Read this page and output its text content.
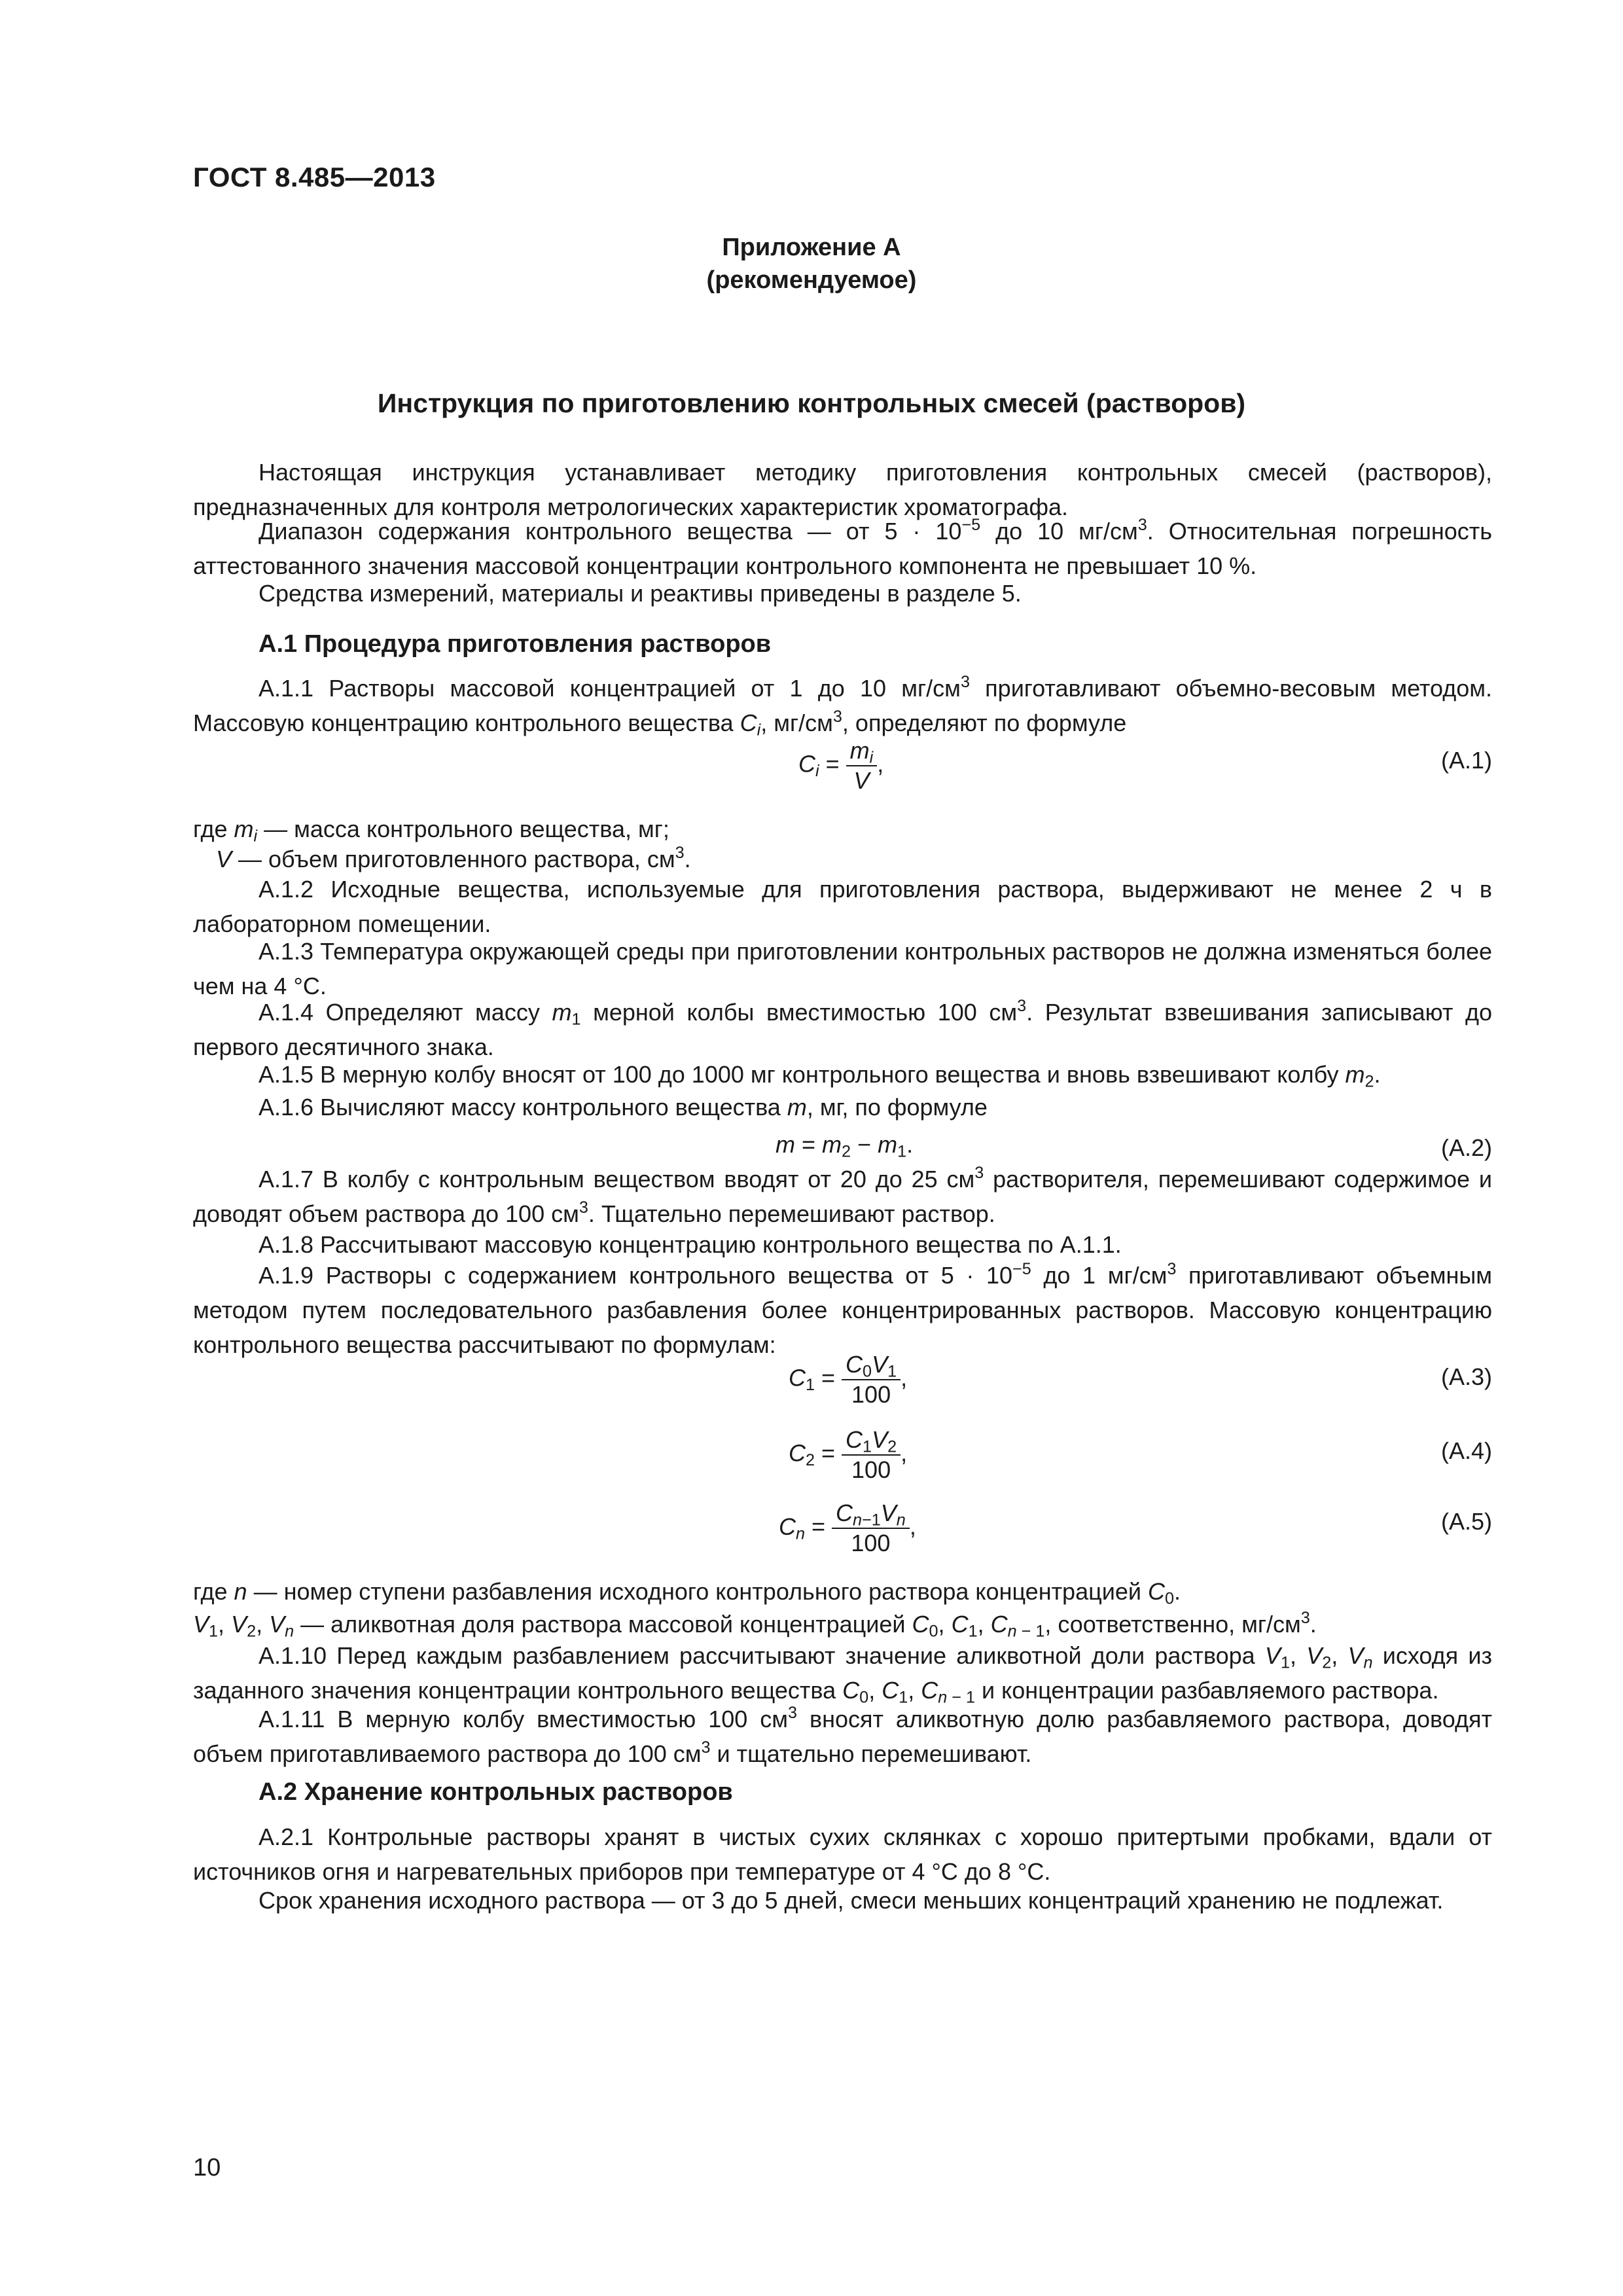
ГОСТ 8.485—2013
Приложение А
(рекомендуемое)
Инструкция по приготовлению контрольных смесей (растворов)
Настоящая инструкция устанавливает методику приготовления контрольных смесей (растворов), предназначенных для контроля метрологических характеристик хроматографа.
Диапазон содержания контрольного вещества — от $5 \cdot 10^{-5}$ до 10 $мг/см^3$. Относительная погрешность аттестованного значения массовой концентрации контрольного компонента не превышает 10 %.
Средства измерений, материалы и реактивы приведены в разделе 5.
А.1 Процедура приготовления растворов
А.1.1 Растворы массовой концентрацией от 1 до 10 $мг/см^3$ приготавливают объемно-весовым методом. Массовую концентрацию контрольного вещества $C_i$, $мг/см^3$, определяют по формуле
$C_i = \frac{m_i}{V}$ ,	(А.1)
где $m_i$ — масса контрольного вещества, мг;
V — объем приготовленного раствора, $см^3$.
А.1.2 Исходные вещества, используемые для приготовления раствора, выдерживают не менее 2 ч в лабораторном помещении.
А.1.3 Температура окружающей среды при приготовлении контрольных растворов не должна изменяться более чем на 4 °С.
А.1.4 Определяют массу $m_1$ мерной колбы вместимостью 100 $см^3$. Результат взвешивания записывают до первого десятичного знака.
А.1.5 В мерную колбу вносят от 100 до 1000 мг контрольного вещества и вновь взвешивают колбу $m_2$.
А.1.6 Вычисляют массу контрольного вещества m, мг, по формуле
$m = m_2 - m_1$.	(А.2)
А.1.7 В колбу с контрольным веществом вводят от 20 до 25 $см^3$ растворителя, перемешивают содержимое и доводят объем раствора до 100 $см^3$. Тщательно перемешивают раствор.
А.1.8 Рассчитывают массовую концентрацию контрольного вещества по А.1.1.
А.1.9 Растворы с содержанием контрольного вещества от $5 \cdot 10^{-5}$ до 1 $мг/см^3$ приготавливают объемным методом путем последовательного разбавления более концентрированных растворов. Массовую концентрацию контрольного вещества рассчитывают по формулам:
$C_1 = \frac{C_0V_1}{100}$ ,	(А.3)
$C_2 = \frac{C_1V_2}{100}$ ,	(А.4)
$C_n = \frac{C_{n-1}V_n}{100}$ ,	(А.5)
где n — номер ступени разбавления исходного контрольного раствора концентрацией $C_0$.
$V_1$, $V_2$, $V_n$ — аликвотная доля раствора массовой концентрацией $C_0$, $C_1$, $C_{n - 1}$, соответственно, $мг/см^3$.
А.1.10 Перед каждым разбавлением рассчитывают значение аликвотной доли раствора $V_1$, $V_2$, $V_n$ исходя из заданного значения концентрации контрольного вещества $C_0$, $C_1$, $C_{n - 1}$ и концентрации разбавляемого раствора.
А.1.11 В мерную колбу вместимостью 100 $см^3$ вносят аликвотную долю разбавляемого раствора, доводят объем приготавливаемого раствора до 100 $см^3$ и тщательно перемешивают.
А.2 Хранение контрольных растворов
А.2.1 Контрольные растворы хранят в чистых сухих склянках с хорошо притертыми пробками, вдали от источников огня и нагревательных приборов при температуре от 4 °С до 8 °С.
Срок хранения исходного раствора — от 3 до 5 дней, смеси меньших концентраций хранению не подлежат.
10
